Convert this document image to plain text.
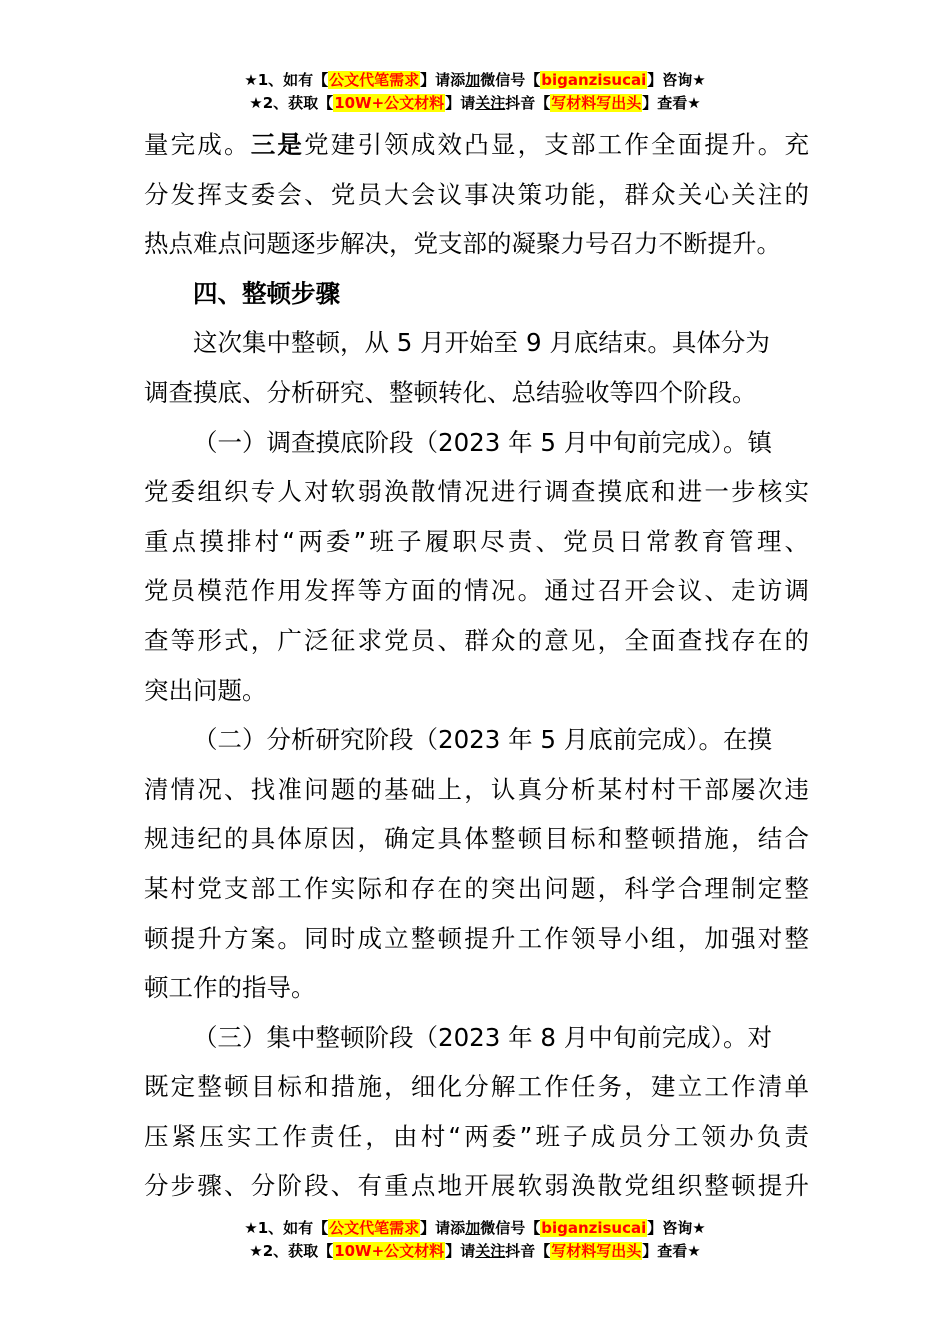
★1、如有【公文代笔需求】请添加微信号【biganzisucai】咨询★
★2、获取【10W+公文材料】请关注抖音【写材料写出头】查看★
量完成。三是党建引领成效凸显，支部工作全面提升。充
分发挥支委会、党员大会议事决策功能，群众关心关注的
热点难点问题逐步解决，党支部的凝聚力号召力不断提升。
四、整顿步骤
这次集中整顿，从 5 月开始至 9 月底结束。具体分为
调查摸底、分析研究、整顿转化、总结验收等四个阶段。
（一）调查摸底阶段（2023 年 5 月中旬前完成）。镇
党委组织专人对软弱涣散情况进行调查摸底和进一步核实
重点摸排村“两委”班子履职尽责、党员日常教育管理、
党员模范作用发挥等方面的情况。通过召开会议、走访调
查等形式，广泛征求党员、群众的意见，全面查找存在的
突出问题。
（二）分析研究阶段（2023 年 5 月底前完成）。在摸
清情况、找准问题的基础上，认真分析某村村干部屡次违
规违纪的具体原因，确定具体整顿目标和整顿措施，结合
某村党支部工作实际和存在的突出问题，科学合理制定整
顿提升方案。同时成立整顿提升工作领导小组，加强对整
顿工作的指导。
（三）集中整顿阶段（2023 年 8 月中旬前完成）。对
既定整顿目标和措施，细化分解工作任务，建立工作清单
压紧压实工作责任，由村“两委”班子成员分工领办负责
分步骤、分阶段、有重点地开展软弱涣散党组织整顿提升
★1、如有【公文代笔需求】请添加微信号【biganzisucai】咨询★
★2、获取【10W+公文材料】请关注抖音【写材料写出头】查看★
